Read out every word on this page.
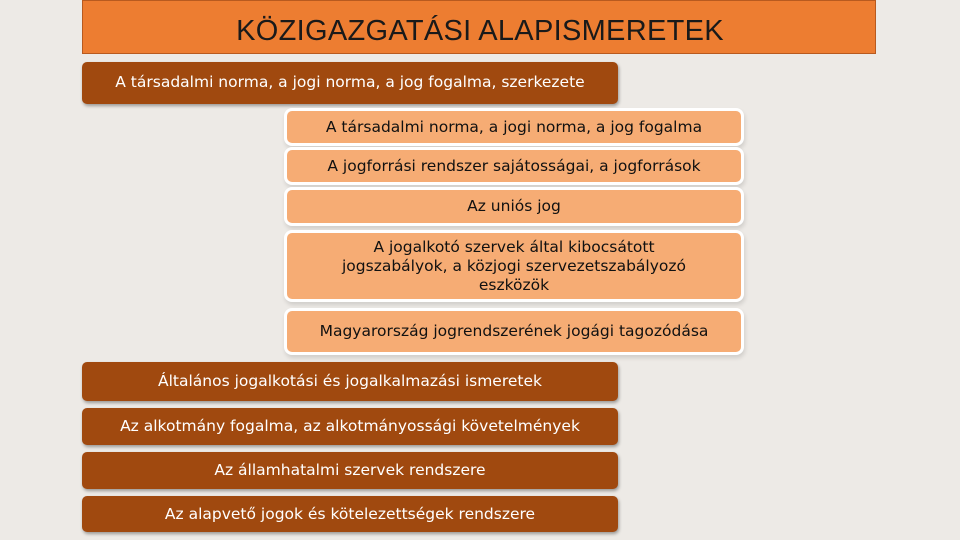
KÖZIGAZGATÁSI ALAPISMERETEK
A társadalmi norma, a jogi norma, a jog fogalma, szerkezete
A társadalmi norma, a jogi norma, a jog fogalma
A jogforrási rendszer sajátosságai, a jogforrások
Az uniós jog
A jogalkotó szervek által kibocsátott jogszabályok, a közjogi szervezetszabályozó eszközök
Magyarország jogrendszerének jogági tagozódása
Általános jogalkotási és jogalkalmazási ismeretek
Az alkotmány fogalma, az alkotmányossági követelmények
Az államhatalmi szervek rendszere
Az alapvető jogok és kötelezettségek rendszere
